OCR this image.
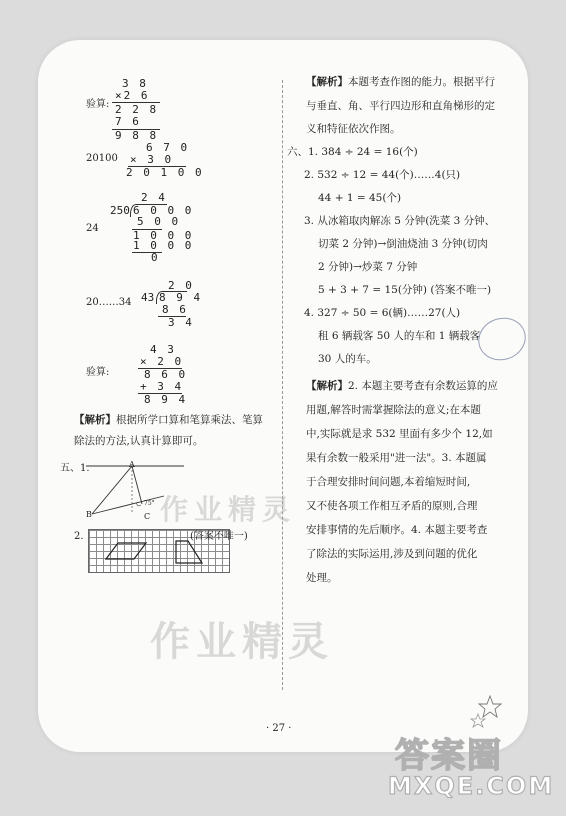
作业精灵
作业精灵
3 8
×2 6
验算: 2 2 8
7 6
9 8 8
20100
6 7 0
× 3 0
2 0 1 0 0
24
2 4
250 6 0 0 0
5 0 0
1 0 0 0
1 0 0 0
0
20……34
2 0
43 8 9 4
8 6
3 4
4 3
× 2 0
验算:	8 6 0
+ 3 4
8 9 4
【解析】根据所学口算和笔算乘法、笔算
除法的方法,认真计算即可。
五、1.	A
B	C
75°
2.	(答案不唯一)
【解析】本题考查作图的能力。根据平行
与垂直、角、平行四边形和直角梯形的定
义和特征依次作图。
六、1. 384 ÷ 24 = 16(个)
2. 532 ÷ 12 = 44(个)……4(只)
44 + 1 = 45(个)
3. 从冰箱取肉解冻 5 分钟(洗菜 3 分钟、
切菜 2 分钟)→倒油烧油 3 分钟(切肉
2 分钟)→炒菜 7 分钟
5 + 3 + 7 = 15(分钟) (答案不唯一)
4. 327 ÷ 50 = 6(辆)……27(人)
租 6 辆载客 50 人的车和 1 辆载客
30 人的车。
【解析】2. 本题主要考查有余数运算的应
用题,解答时需掌握除法的意义;在本题
中,实际就是求 532 里面有多少个 12,如
果有余数一般采用"进一法"。3. 本题属
于合理安排时间问题,本着缩短时间,
又不使各项工作相互矛盾的原则,合理
安排事情的先后顺序。4. 本题主要考查
了除法的实际运用,涉及到问题的优化
处理。
· 27 ·
答案圈
MXQE.COM
